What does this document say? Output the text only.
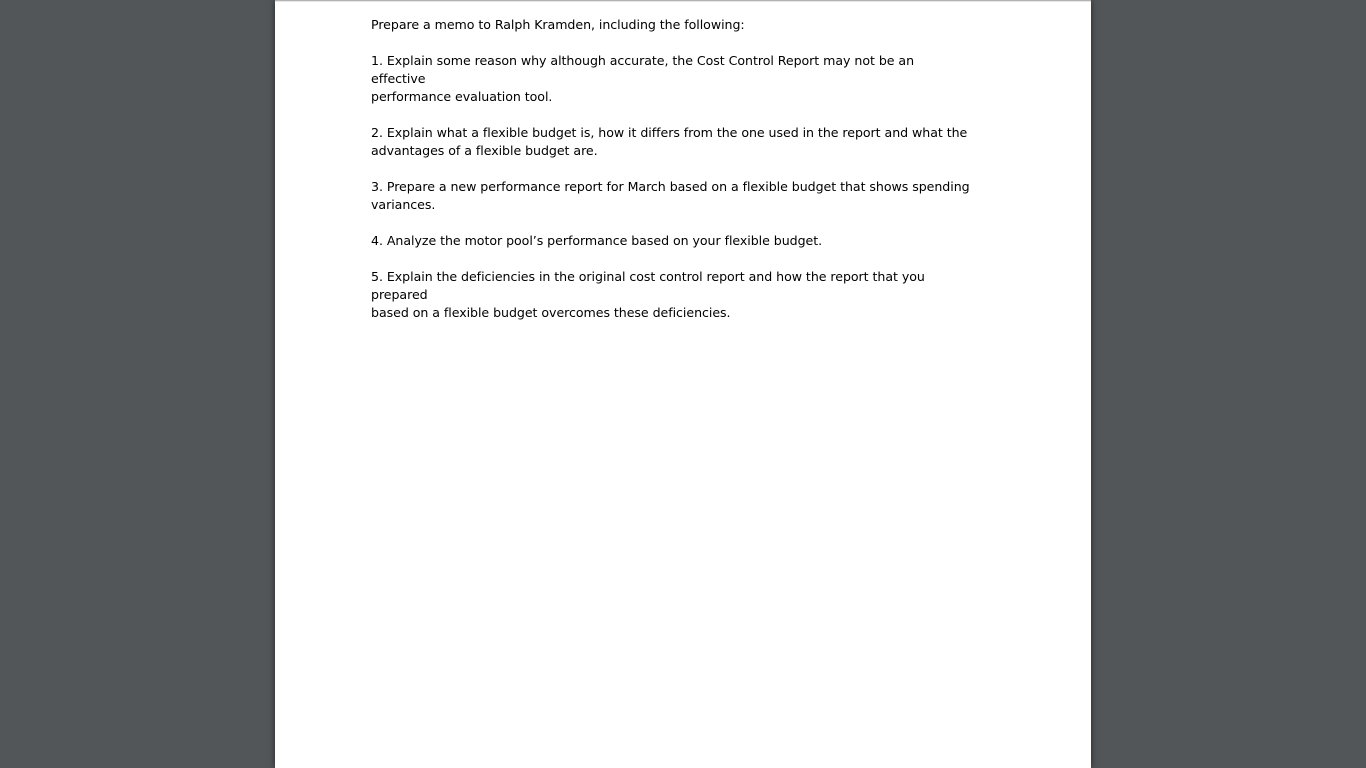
Prepare a memo to Ralph Kramden, including the following:

1. Explain some reason why although accurate, the Cost Control Report may not be an effective
performance evaluation tool.

2. Explain what a flexible budget is, how it differs from the one used in the report and what the
advantages of a flexible budget are.

3. Prepare a new performance report for March based on a flexible budget that shows spending
variances.

4. Analyze the motor pool’s performance based on your flexible budget.

5. Explain the deficiencies in the original cost control report and how the report that you prepared
based on a flexible budget overcomes these deficiencies.
